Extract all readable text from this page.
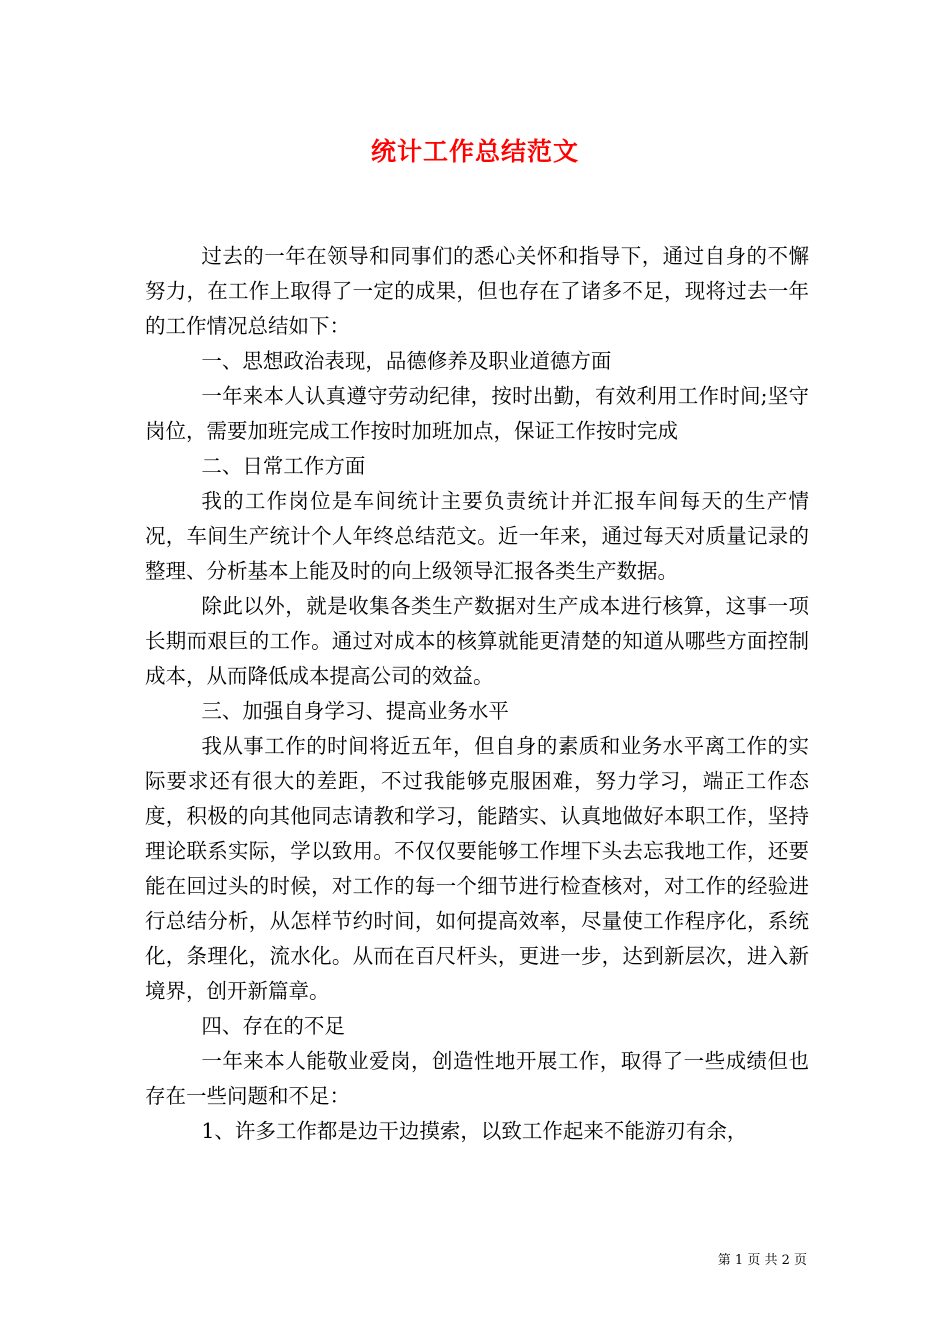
统计工作总结范文

过去的一年在领导和同事们的悉心关怀和指导下，通过自身的不懈努力，在工作上取得了一定的成果，但也存在了诸多不足，现将过去一年的工作情况总结如下：

一、思想政治表现，品德修养及职业道德方面

一年来本人认真遵守劳动纪律，按时出勤，有效利用工作时间;坚守岗位，需要加班完成工作按时加班加点，保证工作按时完成

二、日常工作方面

我的工作岗位是车间统计主要负责统计并汇报车间每天的生产情况，车间生产统计个人年终总结范文。近一年来，通过每天对质量记录的整理、分析基本上能及时的向上级领导汇报各类生产数据。

除此以外，就是收集各类生产数据对生产成本进行核算，这事一项长期而艰巨的工作。通过对成本的核算就能更清楚的知道从哪些方面控制成本，从而降低成本提高公司的效益。

三、加强自身学习、提高业务水平

我从事工作的时间将近五年，但自身的素质和业务水平离工作的实际要求还有很大的差距，不过我能够克服困难，努力学习，端正工作态度，积极的向其他同志请教和学习，能踏实、认真地做好本职工作，坚持理论联系实际，学以致用。不仅仅要能够工作埋下头去忘我地工作，还要能在回过头的时候，对工作的每一个细节进行检查核对，对工作的经验进行总结分析，从怎样节约时间，如何提高效率，尽量使工作程序化，系统化，条理化，流水化。从而在百尺杆头，更进一步，达到新层次，进入新境界，创开新篇章。

四、存在的不足

一年来本人能敬业爱岗，创造性地开展工作，取得了一些成绩但也存在一些问题和不足：

1、许多工作都是边干边摸索，以致工作起来不能游刃有余，

第 1 页 共 2 页
